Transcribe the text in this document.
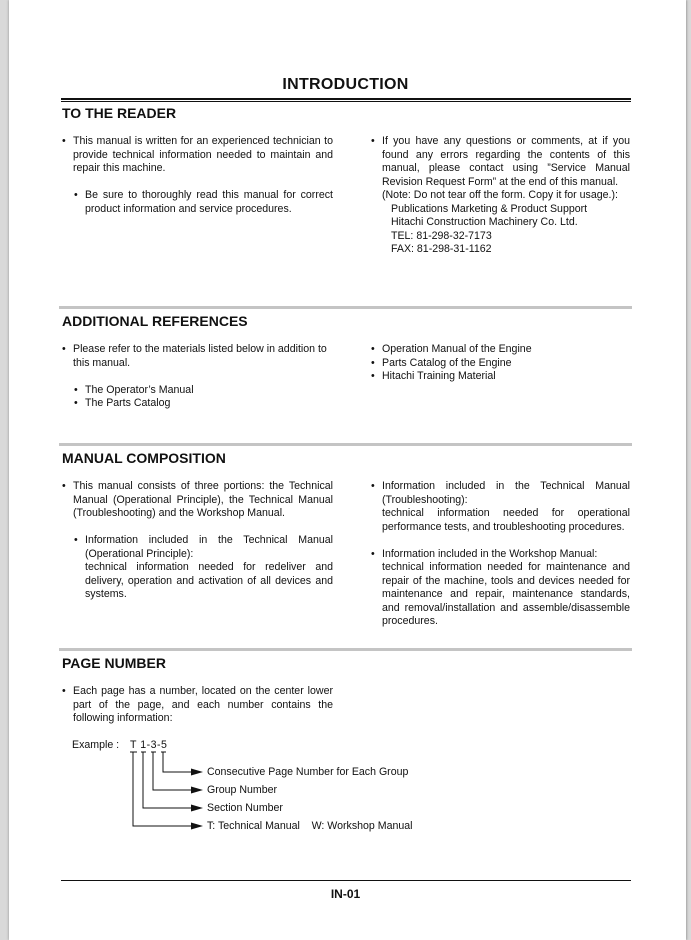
INTRODUCTION
TO THE READER

• This manual is written for an experienced technician to provide technical information needed to maintain and repair this machine.

• Be sure to thoroughly read this manual for correct product information and service procedures.

• If you have any questions or comments, at if you found any errors regarding the contents of this manual, please contact using ”Service Manual Revision Request Form” at the end of this manual.

(Note: Do not tear off the form. Copy it for usage.):

Publications Marketing & Product Support

Hitachi Construction Machinery Co. Ltd.

TEL: 81-298-32-7173

FAX: 81-298-31-1162

ADDITIONAL REFERENCES

• Please refer to the materials listed below in addition to this manual.

• The Operator’s Manual

• The Parts Catalog

• Operation Manual of the Engine

• Parts Catalog of the Engine

• Hitachi Training Material

MANUAL COMPOSITION

• This manual consists of three portions: the Technical Manual (Operational Principle), the Technical Manual (Troubleshooting) and the Workshop Manual.

• Information included in the Technical Manual (Operational Principle):

technical information needed for redeliver and delivery, operation and activation of all devices and systems.

• Information included in the Technical Manual (Troubleshooting):

technical information needed for operational performance tests, and troubleshooting procedures.

• Information included in the Workshop Manual:

technical information needed for maintenance and repair of the machine, tools and devices needed for maintenance and repair, maintenance standards, and removal/installation and assemble/disassemble procedures.

PAGE NUMBER

• Each page has a number, located on the center lower part of the page, and each number contains the following information:

Example : T 1-3-5
Consecutive Page Number for Each Group
Group Number
Section Number
T: Technical Manual    W: Workshop Manual
IN-01
